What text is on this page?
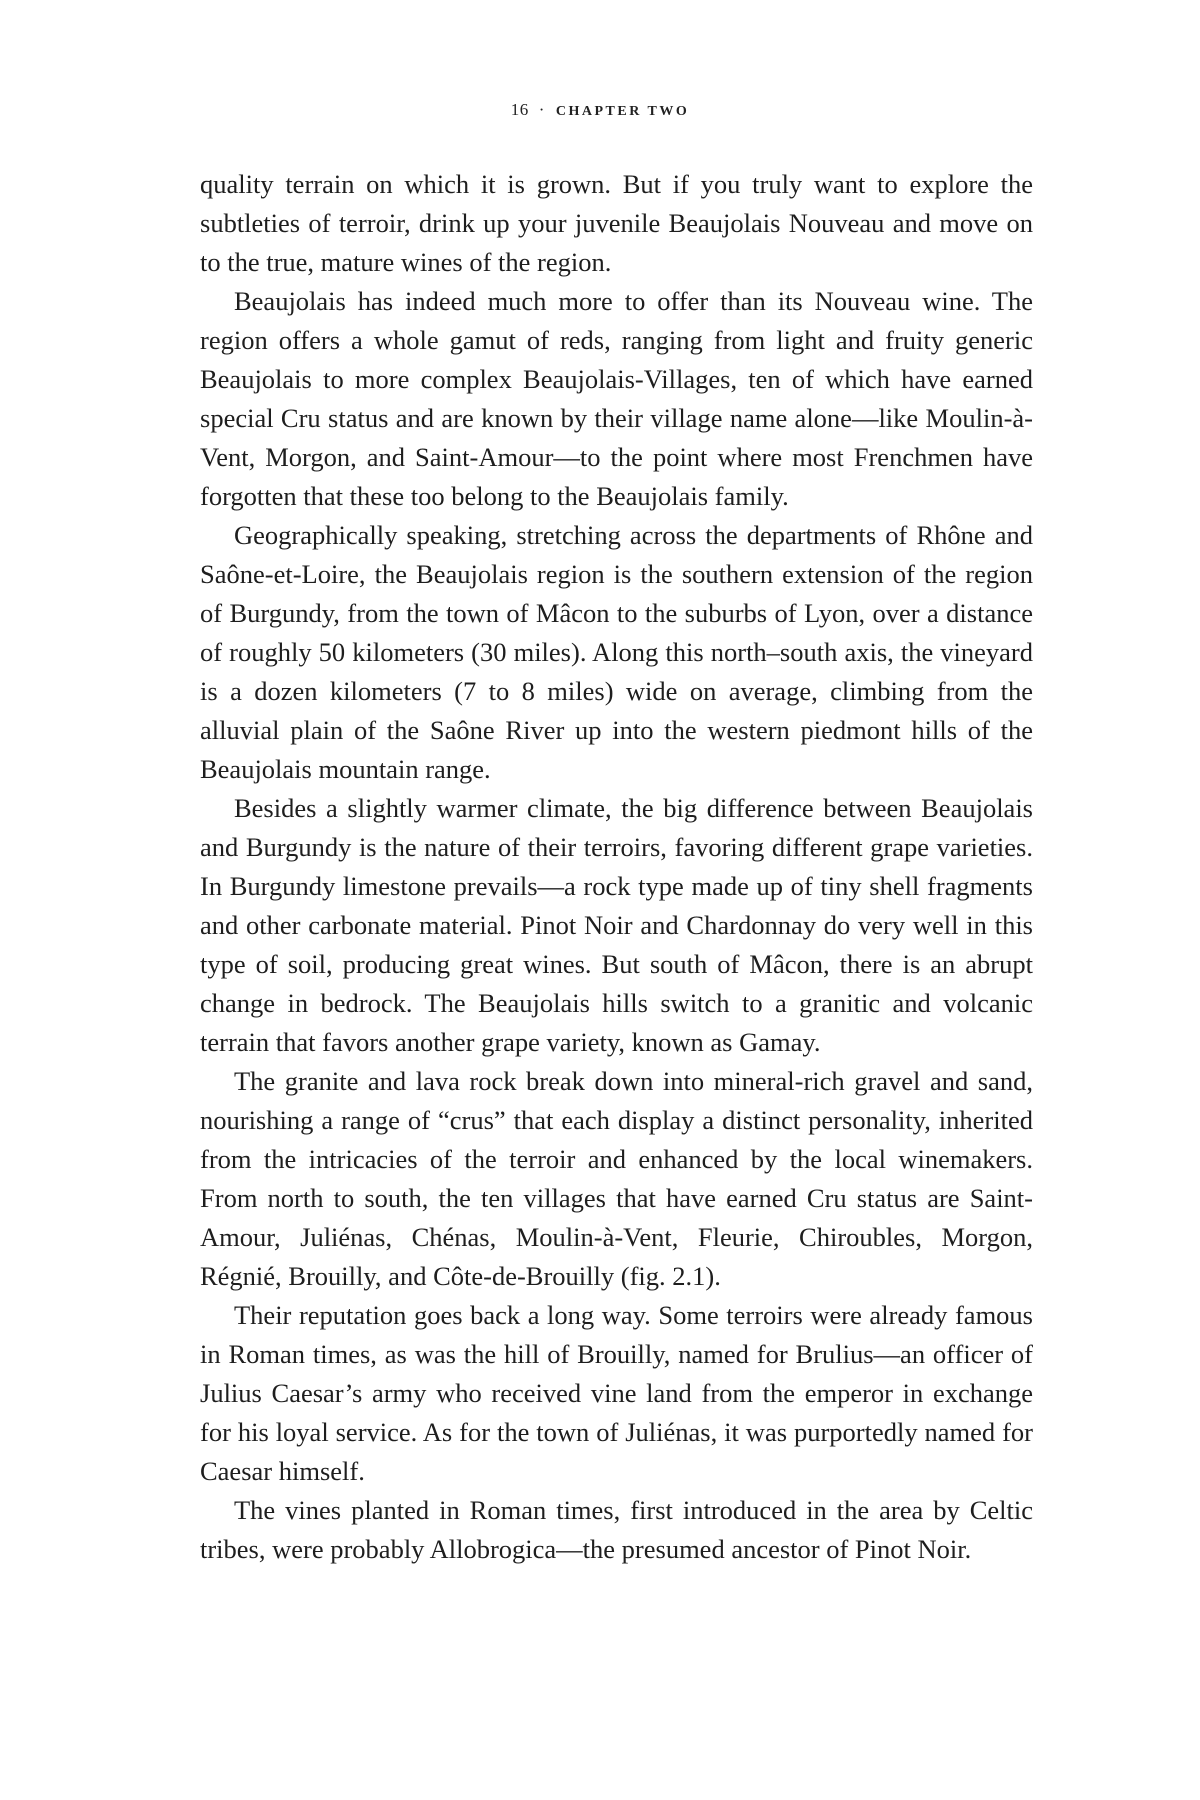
16 · CHAPTER TWO

quality terrain on which it is grown. But if you truly want to explore the subtleties of terroir, drink up your juvenile Beaujolais Nouveau and move on to the true, mature wines of the region.

Beaujolais has indeed much more to offer than its Nouveau wine. The region offers a whole gamut of reds, ranging from light and fruity generic Beaujolais to more complex Beaujolais-Villages, ten of which have earned special Cru status and are known by their village name alone—like Moulin-à-Vent, Morgon, and Saint-Amour—to the point where most Frenchmen have forgotten that these too belong to the Beaujolais family.

Geographically speaking, stretching across the departments of Rhône and Saône-et-Loire, the Beaujolais region is the southern extension of the region of Burgundy, from the town of Mâcon to the suburbs of Lyon, over a distance of roughly 50 kilometers (30 miles). Along this north–south axis, the vineyard is a dozen kilometers (7 to 8 miles) wide on average, climbing from the alluvial plain of the Saône River up into the western piedmont hills of the Beaujolais mountain range.

Besides a slightly warmer climate, the big difference between Beaujolais and Burgundy is the nature of their terroirs, favoring different grape varieties. In Burgundy limestone prevails—a rock type made up of tiny shell fragments and other carbonate material. Pinot Noir and Chardonnay do very well in this type of soil, producing great wines. But south of Mâcon, there is an abrupt change in bedrock. The Beaujolais hills switch to a granitic and volcanic terrain that favors another grape variety, known as Gamay.

The granite and lava rock break down into mineral-rich gravel and sand, nourishing a range of “crus” that each display a distinct personality, inherited from the intricacies of the terroir and enhanced by the local winemakers. From north to south, the ten villages that have earned Cru status are Saint-Amour, Juliénas, Chénas, Moulin-à-Vent, Fleurie, Chiroubles, Morgon, Régnié, Brouilly, and Côte-de-Brouilly (fig. 2.1).

Their reputation goes back a long way. Some terroirs were already famous in Roman times, as was the hill of Brouilly, named for Brulius—an officer of Julius Caesar’s army who received vine land from the emperor in exchange for his loyal service. As for the town of Juliénas, it was purportedly named for Caesar himself.

The vines planted in Roman times, first introduced in the area by Celtic tribes, were probably Allobrogica—the presumed ancestor of Pinot Noir.
